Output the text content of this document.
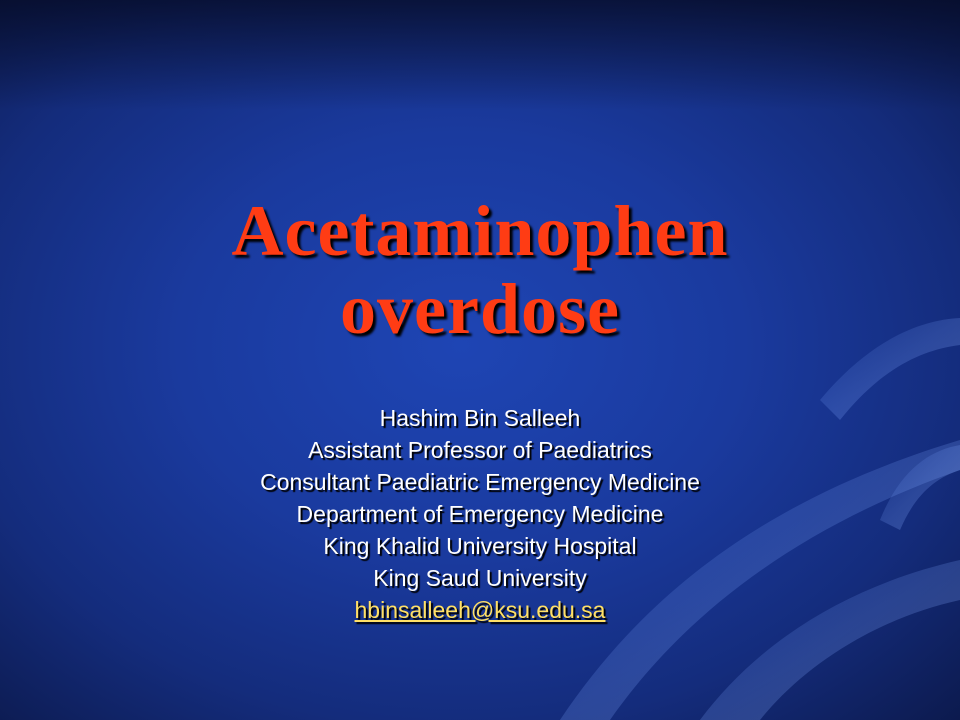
Acetaminophen
overdose
Hashim Bin Salleeh
Assistant Professor of Paediatrics
Consultant Paediatric Emergency Medicine
Department of Emergency Medicine
King Khalid University Hospital
King Saud University
hbinsalleeh@ksu.edu.sa
